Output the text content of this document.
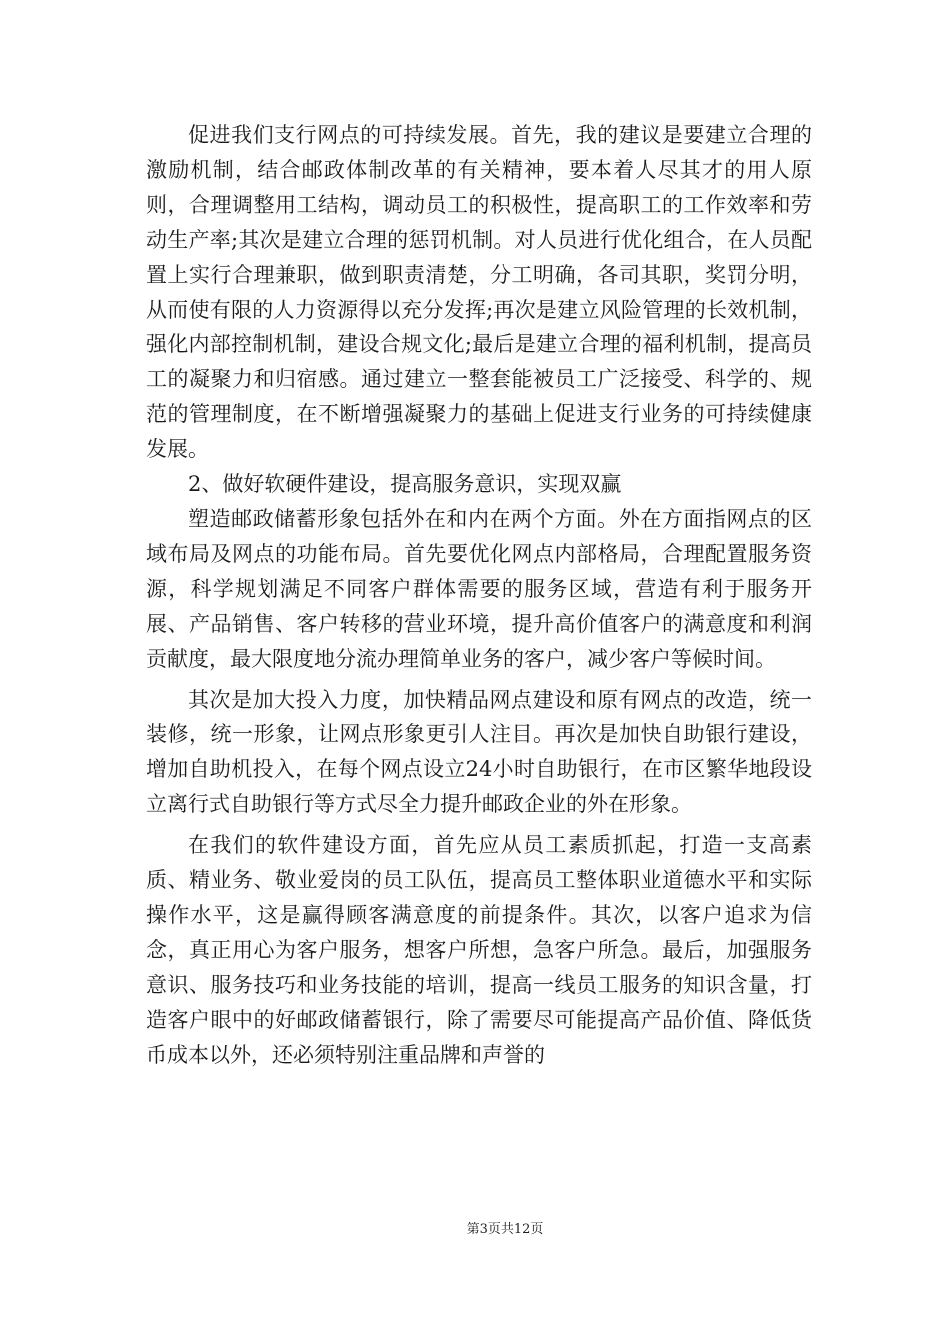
促进我们支行网点的可持续发展。首先，我的建议是要建立合理的激励机制，结合邮政体制改革的有关精神，要本着人尽其才的用人原则，合理调整用工结构，调动员工的积极性，提高职工的工作效率和劳动生产率;其次是建立合理的惩罚机制。对人员进行优化组合，在人员配置上实行合理兼职，做到职责清楚，分工明确，各司其职，奖罚分明，从而使有限的人力资源得以充分发挥;再次是建立风险管理的长效机制，强化内部控制机制，建设合规文化;最后是建立合理的福利机制，提高员工的凝聚力和归宿感。通过建立一整套能被员工广泛接受、科学的、规范的管理制度，在不断增强凝聚力的基础上促进支行业务的可持续健康发展。

2、做好软硬件建设，提高服务意识，实现双赢

塑造邮政储蓄形象包括外在和内在两个方面。外在方面指网点的区域布局及网点的功能布局。首先要优化网点内部格局，合理配置服务资源，科学规划满足不同客户群体需要的服务区域，营造有利于服务开展、产品销售、客户转移的营业环境，提升高价值客户的满意度和利润贡献度，最大限度地分流办理简单业务的客户，减少客户等候时间。

其次是加大投入力度，加快精品网点建设和原有网点的改造，统一装修，统一形象，让网点形象更引人注目。再次是加快自助银行建设，增加自助机投入，在每个网点设立24小时自助银行，在市区繁华地段设立离行式自助银行等方式尽全力提升邮政企业的外在形象。

在我们的软件建设方面，首先应从员工素质抓起，打造一支高素质、精业务、敬业爱岗的员工队伍，提高员工整体职业道德水平和实际操作水平，这是赢得顾客满意度的前提条件。其次，以客户追求为信念，真正用心为客户服务，想客户所想，急客户所急。最后，加强服务意识、服务技巧和业务技能的培训，提高一线员工服务的知识含量，打造客户眼中的好邮政储蓄银行，除了需要尽可能提高产品价值、降低货币成本以外，还必须特别注重品牌和声誉的

第3页共12页
